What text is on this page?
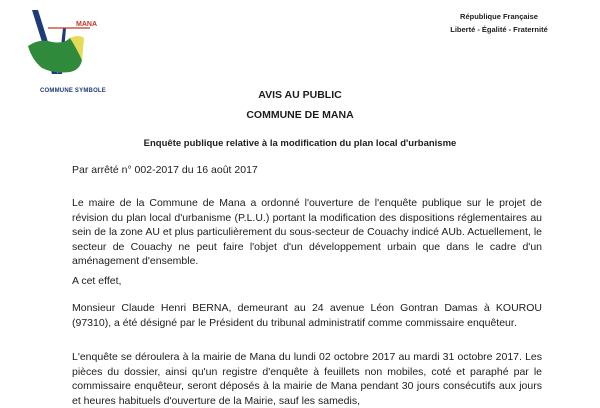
MANA
COMMUNE SYMBOLE
République Française
Liberté - Égalité - Fraternité
AVIS AU PUBLIC
COMMUNE DE MANA
Enquête publique relative à la modification du plan local d'urbanisme
Par arrêté n° 002-2017 du 16 août 2017
Le maire de la Commune de Mana a ordonné l'ouverture de l'enquête publique sur le projet de révision du plan local d'urbanisme (P.L.U.) portant la modification des dispositions réglementaires au sein de la zone AU et plus particulièrement du sous-secteur de Couachy indicé AUb. Actuellement, le secteur de Couachy ne peut faire l'objet d'un développement urbain que dans le cadre d'un aménagement d'ensemble.
A cet effet,
Monsieur Claude Henri BERNA, demeurant au 24 avenue Léon Gontran Damas à KOUROU (97310), a été désigné par le Président du tribunal administratif comme commissaire enquêteur.
L'enquête se déroulera à la mairie de Mana du lundi 02 octobre 2017 au mardi 31 octobre 2017. Les pièces du dossier, ainsi qu'un registre d'enquête à feuillets non mobiles, coté et paraphé par le commissaire enquêteur, seront déposés à la mairie de Mana pendant 30 jours consécutifs aux jours et heures habituels d'ouverture de la Mairie, sauf les samedis,
